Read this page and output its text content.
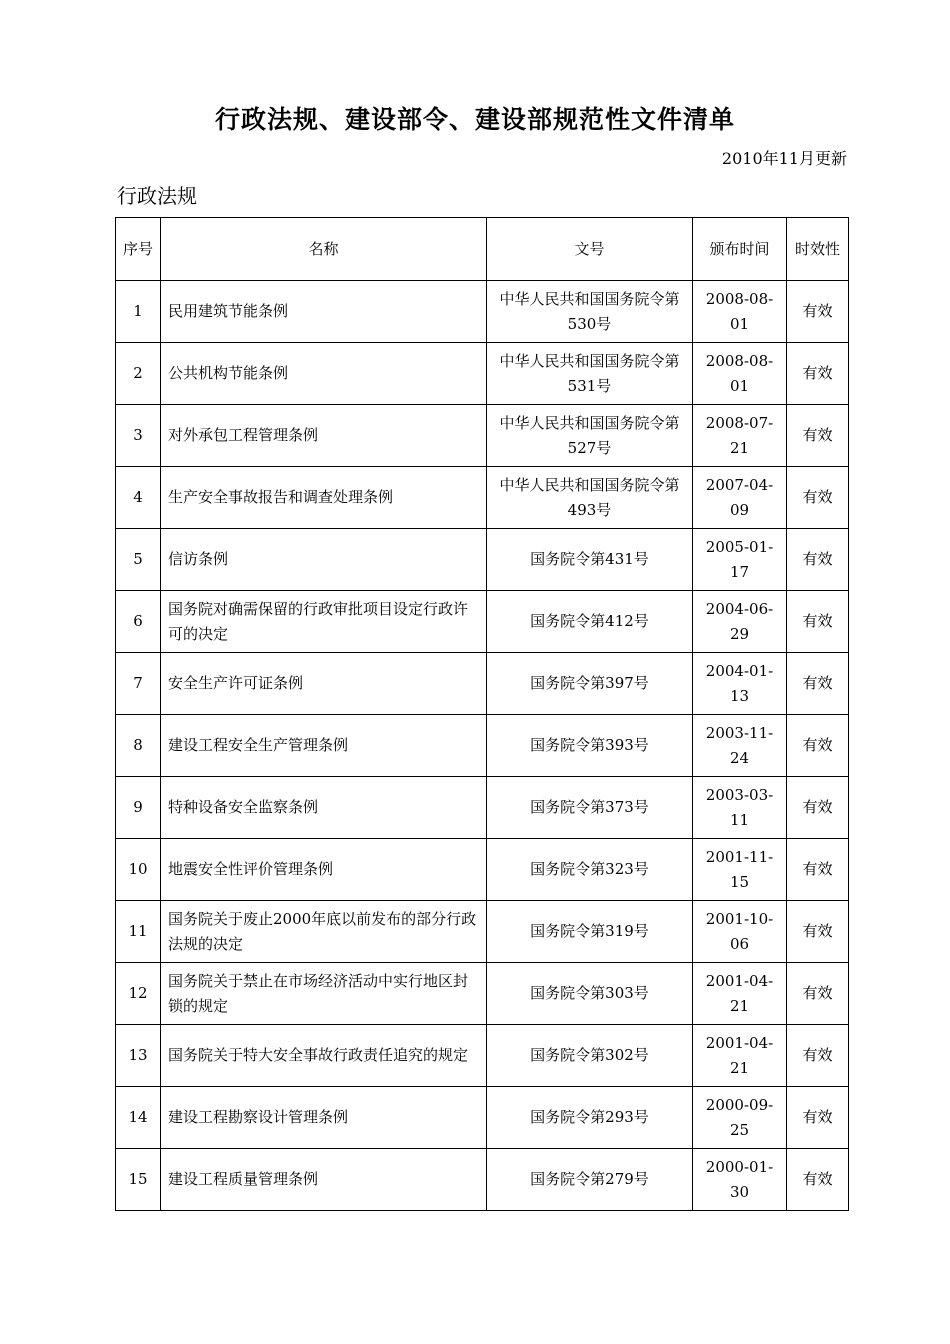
行政法规、建设部令、建设部规范性文件清单
2010年11月更新
行政法规
序号	名称	文号	颁布时间	时效性
1	民用建筑节能条例	中华人民共和国国务院令第530号	2008-08-01	有效
2	公共机构节能条例	中华人民共和国国务院令第531号	2008-08-01	有效
3	对外承包工程管理条例	中华人民共和国国务院令第527号	2008-07-21	有效
4	生产安全事故报告和调查处理条例	中华人民共和国国务院令第493号	2007-04-09	有效
5	信访条例	国务院令第431号	2005-01-17	有效
6	国务院对确需保留的行政审批项目设定行政许可的决定	国务院令第412号	2004-06-29	有效
7	安全生产许可证条例	国务院令第397号	2004-01-13	有效
8	建设工程安全生产管理条例	国务院令第393号	2003-11-24	有效
9	特种设备安全监察条例	国务院令第373号	2003-03-11	有效
10	地震安全性评价管理条例	国务院令第323号	2001-11-15	有效
11	国务院关于废止2000年底以前发布的部分行政法规的决定	国务院令第319号	2001-10-06	有效
12	国务院关于禁止在市场经济活动中实行地区封锁的规定	国务院令第303号	2001-04-21	有效
13	国务院关于特大安全事故行政责任追究的规定	国务院令第302号	2001-04-21	有效
14	建设工程勘察设计管理条例	国务院令第293号	2000-09-25	有效
15	建设工程质量管理条例	国务院令第279号	2000-01-30	有效
